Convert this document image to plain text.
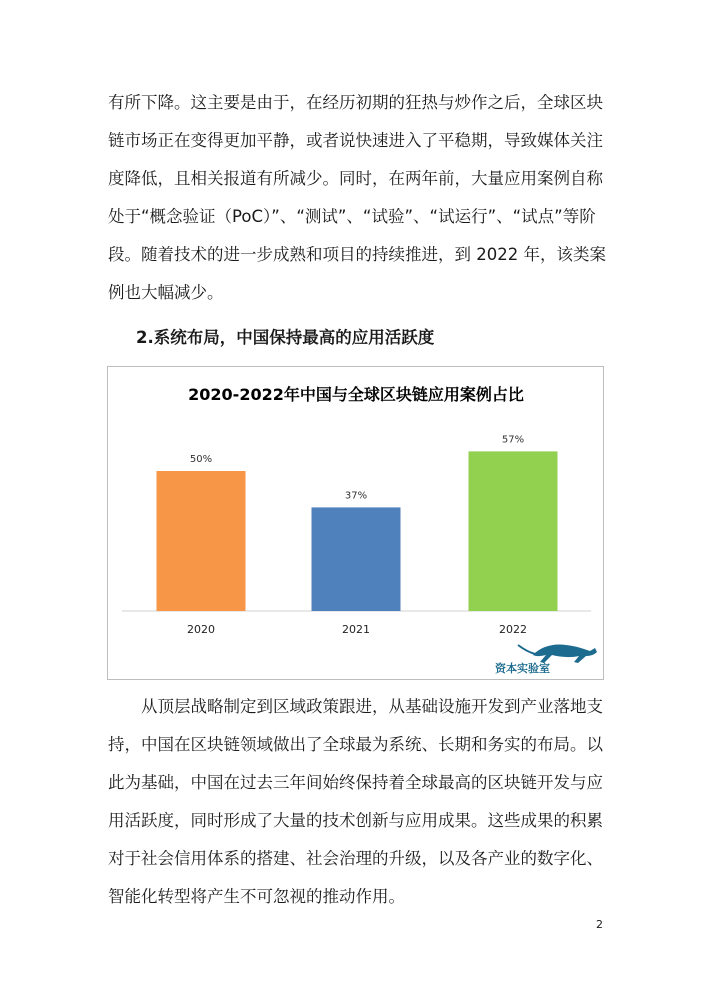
有所下降。这主要是由于，在经历初期的狂热与炒作之后，全球区块
链市场正在变得更加平静，或者说快速进入了平稳期，导致媒体关注
度降低，且相关报道有所减少。同时，在两年前，大量应用案例自称
处于“概念验证（PoC）”、“测试”、“试验”、“试运行”、“试点”等阶
段。随着技术的进一步成熟和项目的持续推进，到 2022 年，该类案
例也大幅减少。
2.系统布局，中国保持最高的应用活跃度
2020-2022年中国与全球区块链应用案例占比
50%
2020
37%
2021
57%
2022
资本实验室
从顶层战略制定到区域政策跟进，从基础设施开发到产业落地支
持，中国在区块链领域做出了全球最为系统、长期和务实的布局。以
此为基础，中国在过去三年间始终保持着全球最高的区块链开发与应
用活跃度，同时形成了大量的技术创新与应用成果。这些成果的积累
对于社会信用体系的搭建、社会治理的升级，以及各产业的数字化、
智能化转型将产生不可忽视的推动作用。
2
